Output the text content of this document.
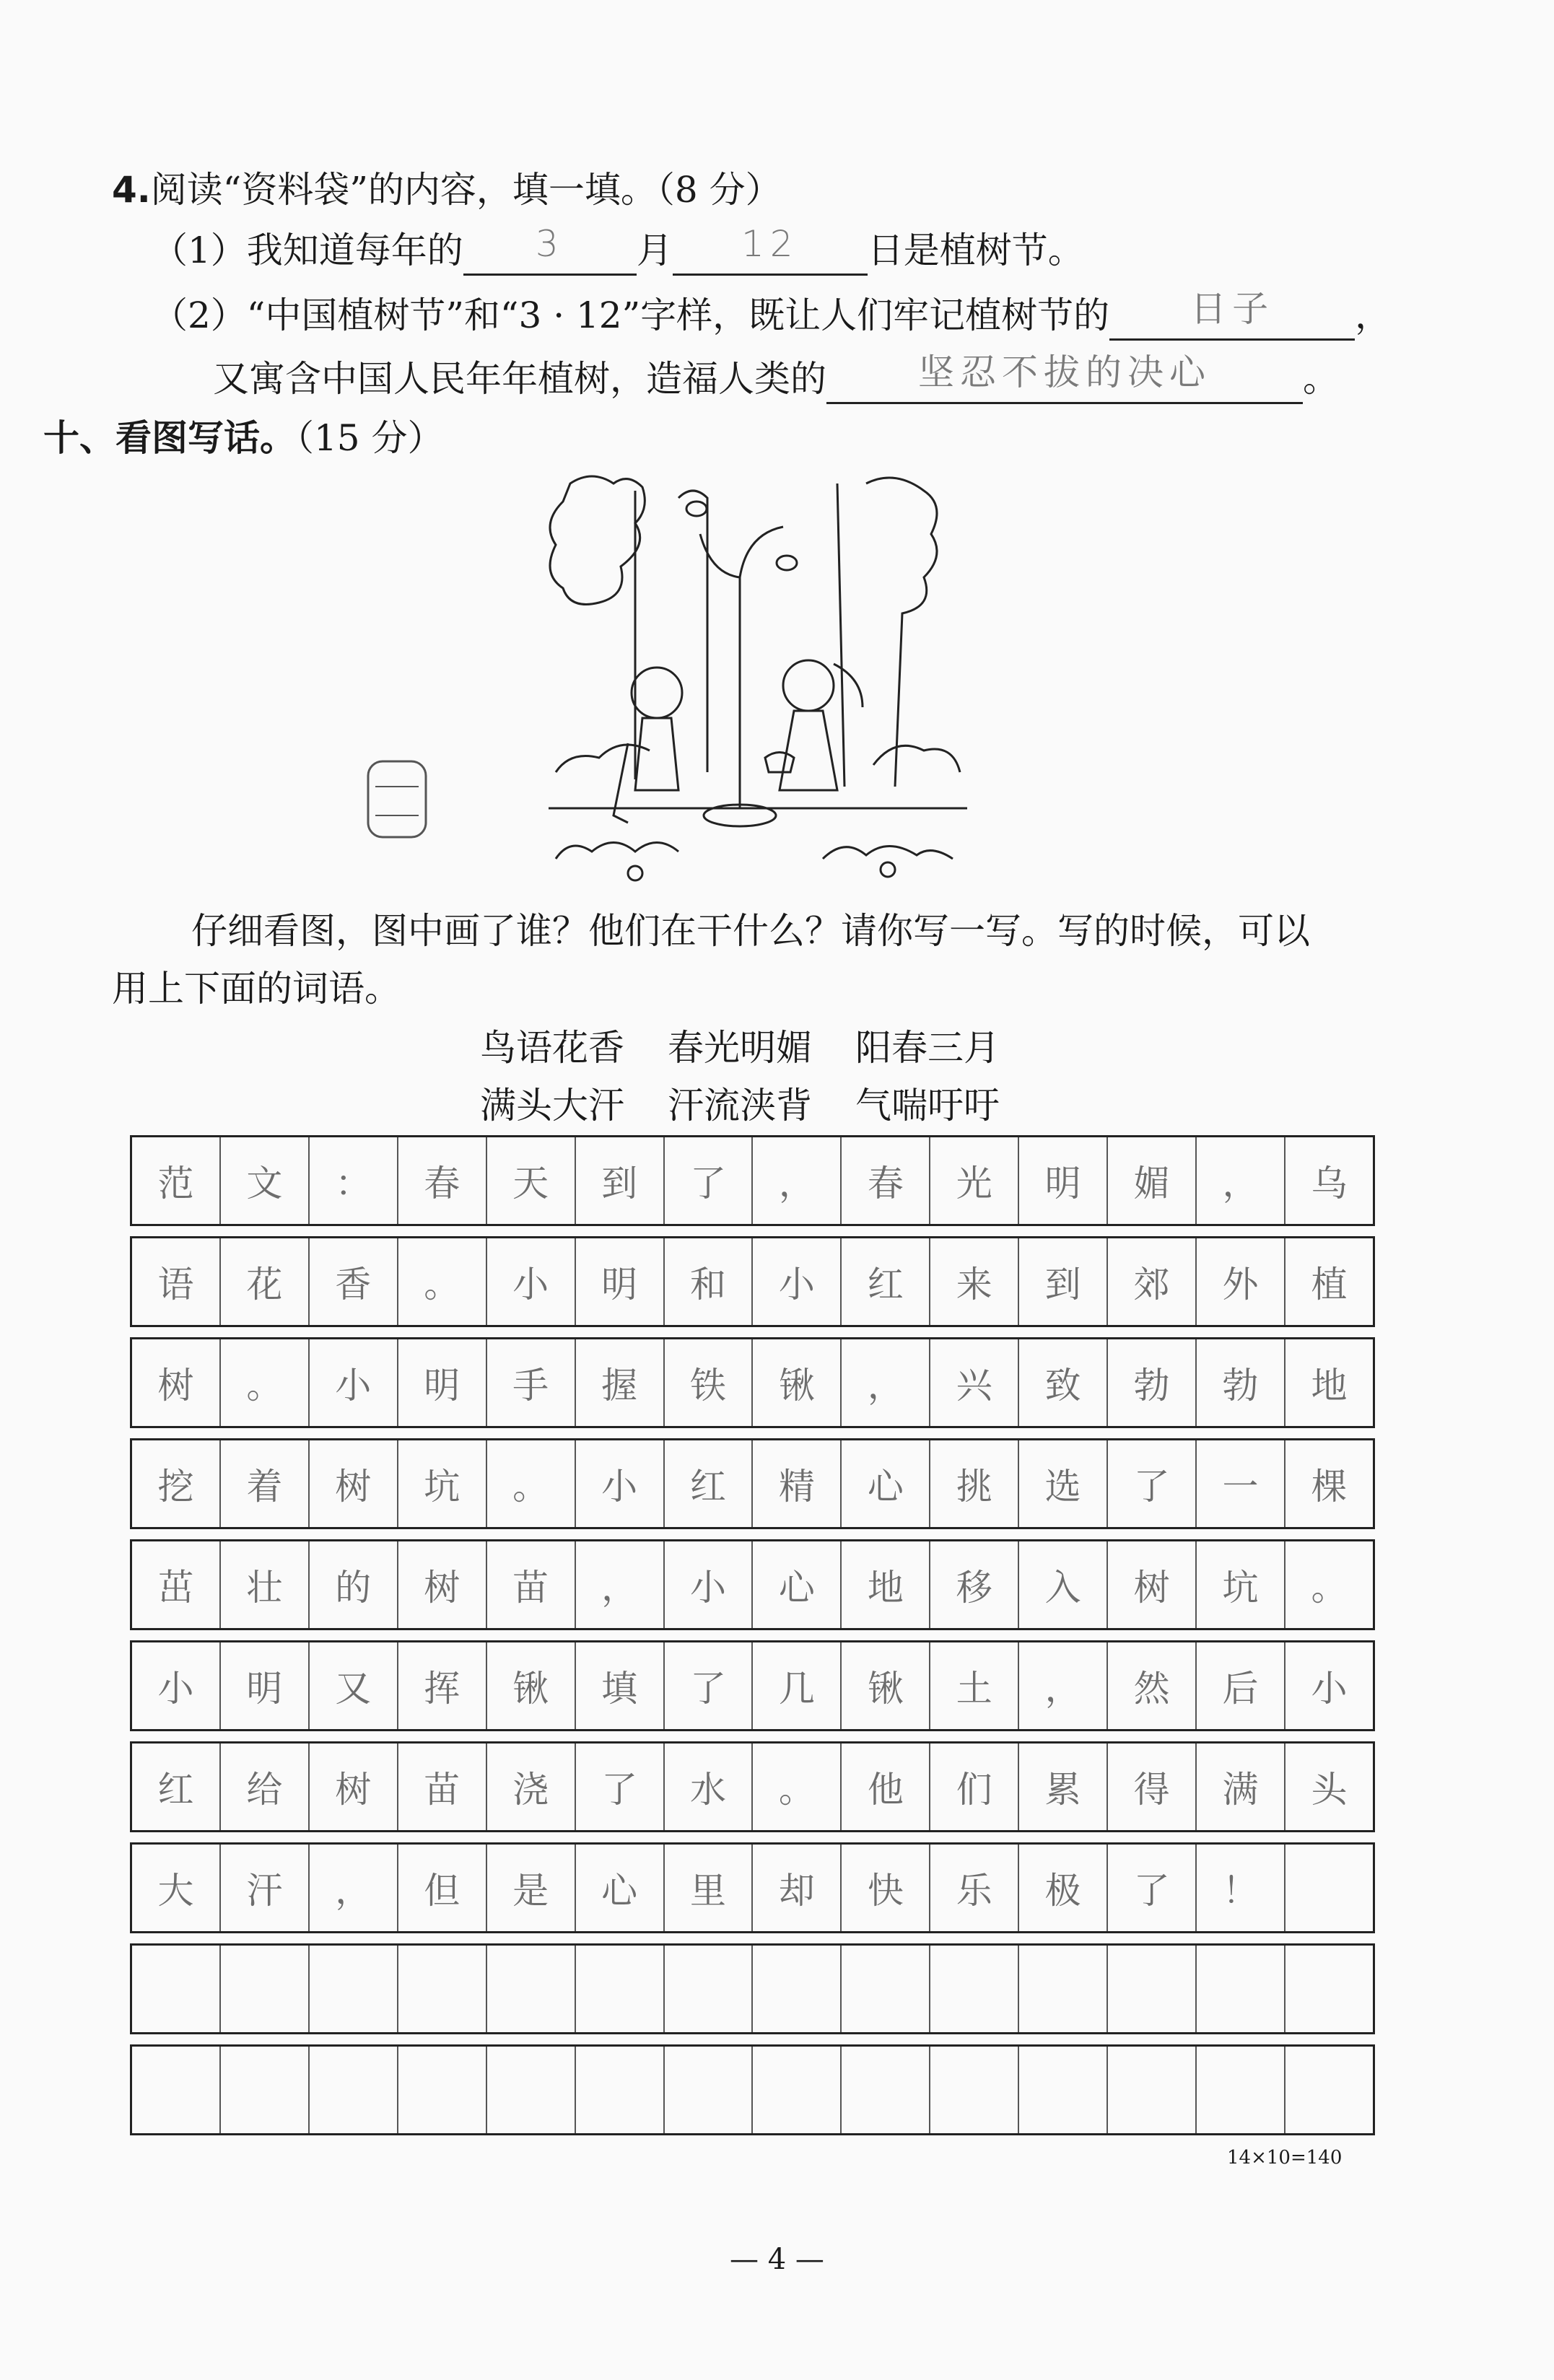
4.阅读“资料袋”的内容，填一填。（8 分）
（1）我知道每年的	3	月	12	日是植树节。
（2）“中国植树节”和“3 · 12”字样，既让人们牢记植树节的	日子	，
又寓含中国人民年年植树，造福人类的	坚忍不拔的决心	。
十、看图写话。（15 分）
仔细看图，图中画了谁？他们在干什么？请你写一写。写的时候，可以
用上下面的词语。
鸟语花香 春光明媚 阳春三月
满头大汗 汗流浃背 气喘吁吁
范	文	：	春	天	到	了	，	春	光	明	媚	，	乌
语	花	香	。	小	明	和	小	红	来	到	郊	外	植
树	。	小	明	手	握	铁	锹	，	兴	致	勃	勃	地
挖	着	树	坑	。	小	红	精	心	挑	选	了	一	棵
茁	壮	的	树	苗	，	小	心	地	移	入	树	坑	。
小	明	又	挥	锹	填	了	几	锹	土	，	然	后	小
红	给	树	苗	浇	了	水	。	他	们	累	得	满	头
大	汗	，	但	是	心	里	却	快	乐	极	了	！
14×10=140
— 4 —
